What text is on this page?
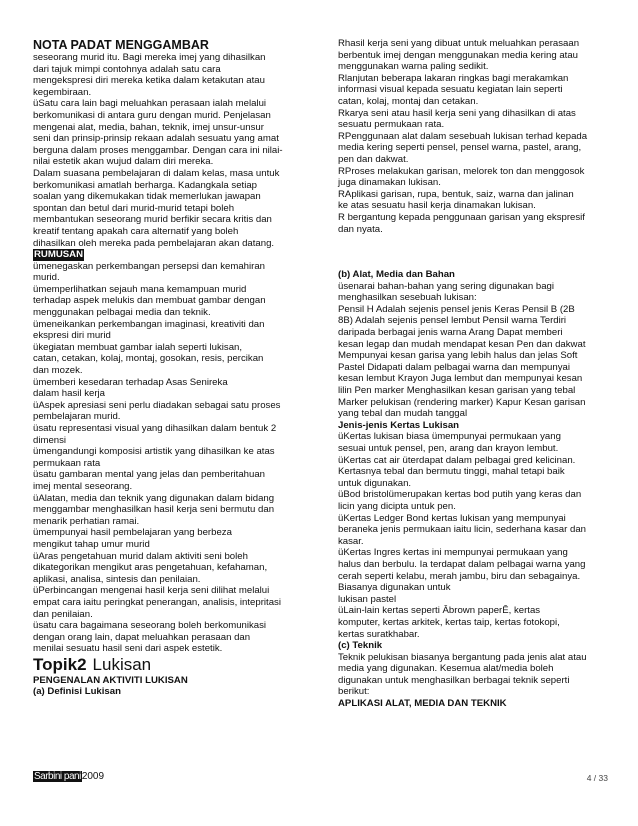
NOTA PADAT MENGGAMBAR

seseorang murid itu. Bagi mereka imej yang dihasilkan
dari tajuk mimpi contohnya adalah satu cara
mengekspresi diri mereka ketika dalam ketakutan atau
kegembiraan.
üSatu cara lain bagi meluahkan perasaan ialah melalui
berkomunikasi di antara guru dengan murid. Penjelasan
mengenai alat, media, bahan, teknik, imej unsur-unsur
seni dan prinsip-prinsip rekaan adalah sesuatu yang amat
berguna dalam proses menggambar. Dengan cara ini nilai-
nilai estetik akan wujud dalam diri mereka.
Dalam suasana pembelajaran di dalam kelas, masa untuk
berkomunikasi amatlah berharga. Kadangkala setiap
soalan yang dikemukakan tidak memerlukan jawapan
spontan dan betul dari murid-murid tetapi boleh
membantukan seseorang murid berfikir secara kritis dan
kreatif tentang apakah cara alternatif yang boleh
dihasilkan oleh mereka pada pembelajaran akan datang.

RUMUSAN

ümenegaskan perkembangan persepsi dan kemahiran
murid.
ümemperlihatkan sejauh mana kemampuan murid
terhadap aspek melukis dan membuat gambar dengan
menggunakan pelbagai media dan teknik.
ümeneikankan perkembangan imaginasi, kreativiti dan
ekspresi diri murid
ükegiatan membuat gambar ialah seperti lukisan,
catan, cetakan, kolaj, montaj, gosokan, resis, percikan
dan mozek.
ümemberi kesedaran terhadap Asas Senireka
dalam hasil kerja
üAspek apresiasi seni perlu diadakan sebagai satu proses
pembelajaran murid.
üsatu representasi visual yang dihasilkan dalam bentuk 2
dimensi
ümengandungi komposisi artistik yang dihasilkan ke atas
permukaan rata
üsatu gambaran mental yang jelas dan pemberitahuan
imej mental seseorang.
üAlatan, media dan teknik yang digunakan dalam bidang
menggambar menghasilkan hasil kerja seni bermutu dan
menarik perhatian ramai.
ümempunyai hasil pembelajaran yang berbeza
mengikut tahap umur murid
üAras pengetahuan murid dalam aktiviti seni boleh
dikategorikan mengikut aras pengetahuan, kefahaman,
aplikasi, analisa, sintesis dan penilaian.
üPerbincangan mengenai hasil kerja seni dilihat melalui
empat cara iaitu peringkat penerangan, analisis, intepritasi
dan penilaian.
üsatu cara bagaimana seseorang boleh berkomunikasi
dengan orang lain, dapat meluahkan perasaan dan
menilai sesuatu hasil seni dari aspek estetik.

Topik2 Lukisan

PENGENALAN AKTIVITI LUKISAN

(a) Definisi Lukisan

Rhasil kerja seni yang dibuat untuk meluahkan perasaan
berbentuk imej dengan menggunakan media kering atau
menggunakan warna paling sedikit.
Rlanjutan beberapa lakaran ringkas bagi merakamkan
informasi visual kepada sesuatu kegiatan lain seperti
catan, kolaj, montaj dan cetakan.
Rkarya seni atau hasil kerja seni yang dihasilkan di atas
sesuatu permukaan rata.
RPenggunaan alat dalam sesebuah lukisan terhad kepada
media kering seperti pensel, pensel warna, pastel, arang,
pen dan dakwat.
RProses melakukan garisan, melorek ton dan menggosok
juga dinamakan lukisan.
RAplikasi garisan, rupa, bentuk, saiz, warna dan jalinan
ke atas sesuatu hasil kerja dinamakan lukisan.
R bergantung kepada penggunaan garisan yang ekspresif
dan nyata.

(b) Alat, Media dan Bahan

üsenarai bahan-bahan yang sering digunakan bagi
menghasilkan sesebuah lukisan:
Pensil H Adalah sejenis pensel jenis Keras Pensil B (2B
8B) Adalah sejenis pensel lembut Pensil warna Terdiri
daripada berbagai jenis warna Arang Dapat memberi
kesan legap dan mudah mendapat kesan Pen dan dakwat
Mempunyai kesan garisa yang lebih halus dan jelas Soft
Pastel Didapati dalam pelbagai warna dan mempunyai
kesan lembut Krayon Juga lembut dan mempunyai kesan
lilin Pen marker Menghasilkan kesan garisan yang tebal
Marker pelukisan (rendering marker) Kapur Kesan garisan
yang tebal dan mudah tanggal

Jenis-jenis Kertas Lukisan

üKertas lukisan biasa ümempunyai permukaan yang
sesuai untuk pensel, pen, arang dan krayon lembut.
üKertas cat air üterdapat dalam pelbagai gred kelicinan.
Kertasnya tebal dan bermutu tinggi, mahal tetapi baik
untuk digunakan.
üBod bristolümerupakan kertas bod putih yang keras dan
licin yang dicipta untuk pen.
üKertas Ledger Bond kertas lukisan yang mempunyai
beraneka jenis permukaan iaitu licin, sederhana kasar dan
kasar.
üKertas Ingres kertas ini mempunyai permukaan yang
halus dan berbulu. Ia terdapat dalam pelbagai warna yang
cerah seperti kelabu, merah jambu, biru dan sebagainya.
Biasanya digunakan untuk
lukisan pastel
üLain-lain kertas seperti Âbrown paperÊ, kertas
komputer, kertas arkitek, kertas taip, kertas fotokopi,
kertas suratkhabar.

(c) Teknik

Teknik pelukisan biasanya bergantung pada jenis alat atau
media yang digunakan. Kesemua alat/media boleh
digunakan untuk menghasilkan berbagai teknik seperti
berikut:

APLIKASI ALAT, MEDIA DAN TEKNIK

Sarbini pani2009	4 / 33
